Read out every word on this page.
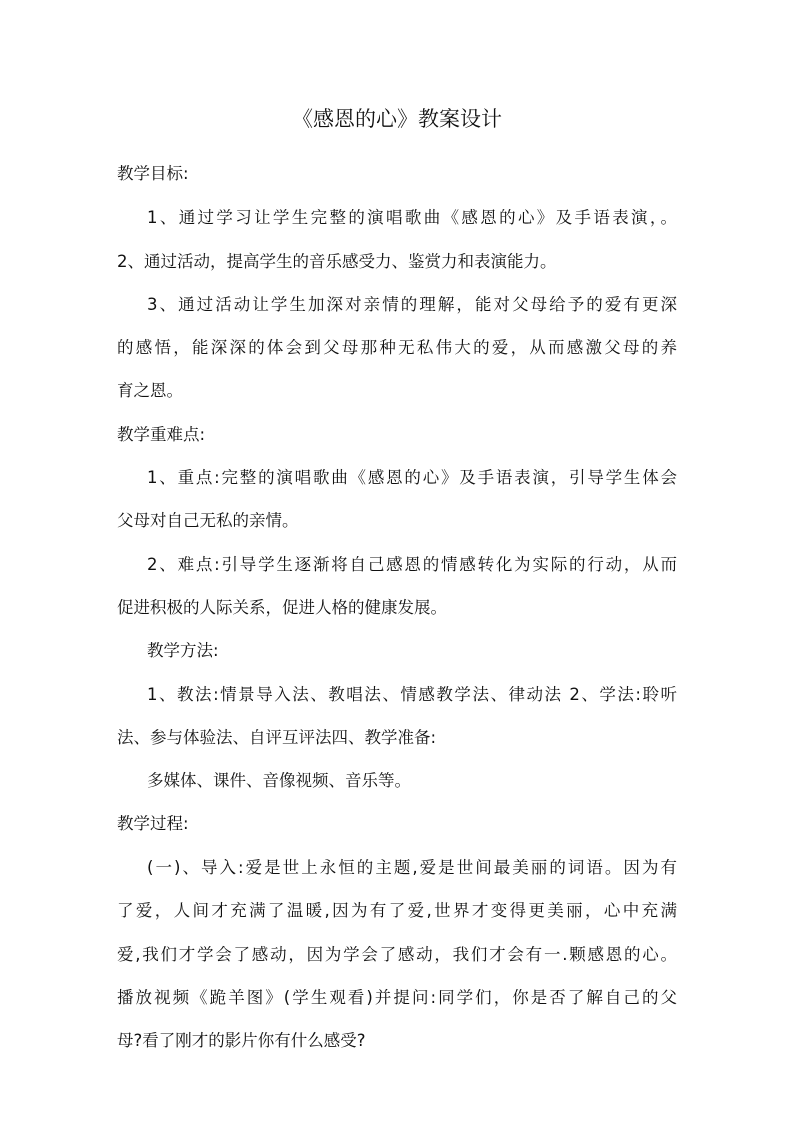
《感恩的心》教案设计
教学目标:
1、通过学习让学生完整的演唱歌曲《感恩的心》及手语表演，。
2、通过活动，提高学生的音乐感受力、鉴赏力和表演能力。
3、通过活动让学生加深对亲情的理解，能对父母给予的爱有更深
的感悟，能深深的体会到父母那种无私伟大的爱，从而感激父母的养
育之恩。
教学重难点:
1、重点:完整的演唱歌曲《感恩的心》及手语表演，引导学生体会
父母对自己无私的亲情。
2、难点:引导学生逐渐将自己感恩的情感转化为实际的行动，从而
促进积极的人际关系，促进人格的健康发展。
教学方法:
1、教法:情景导入法、教唱法、情感教学法、律动法 2、学法:聆听
法、参与体验法、自评互评法四、教学准备:
多媒体、课件、音像视频、音乐等。
教学过程:
(一)、导入:爱是世上永恒的主题,爱是世间最美丽的词语。因为有
了爱，人间才充满了温暖,因为有了爱,世界才变得更美丽，心中充满
爱,我们才学会了感动，因为学会了感动，我们才会有一.颗感恩的心。
播放视频《跪羊图》(学生观看)并提问:同学们，你是否了解自己的父
母?看了刚才的影片你有什么感受?
